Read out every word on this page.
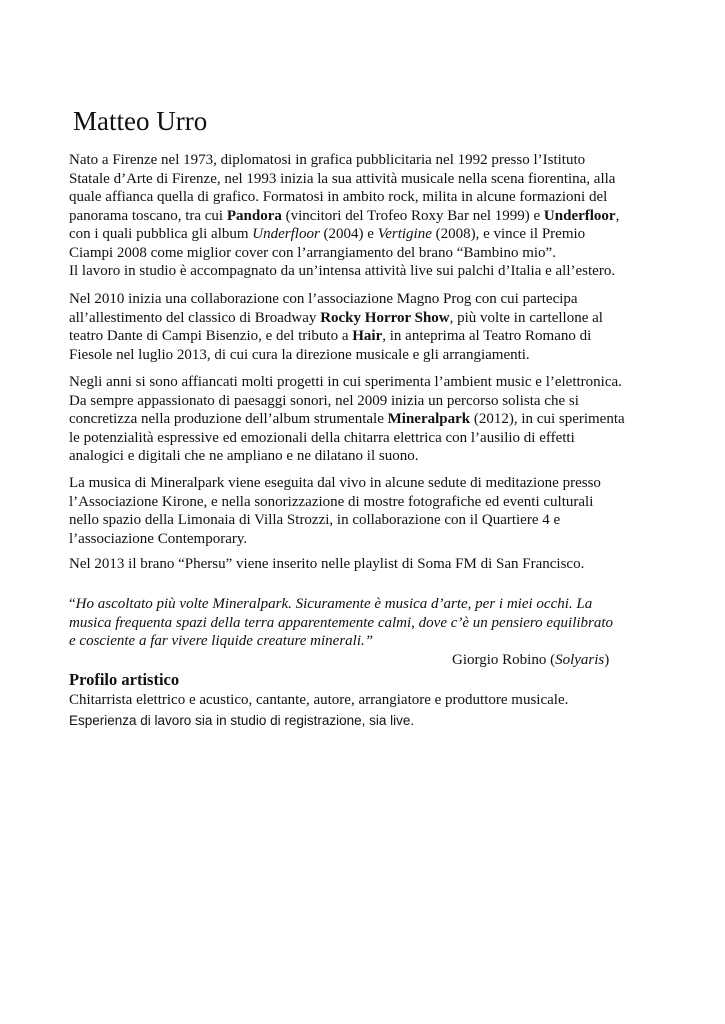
Matteo Urro
Nato a Firenze nel 1973, diplomatosi in grafica pubblicitaria nel 1992 presso l’Istituto
Statale d’Arte di Firenze, nel 1993 inizia la sua attività musicale nella scena fiorentina, alla
quale affianca quella di grafico. Formatosi in ambito rock, milita in alcune formazioni del
panorama toscano, tra cui Pandora (vincitori del Trofeo Roxy Bar nel 1999) e Underfloor,
con i quali pubblica gli album Underfloor (2004) e Vertigine (2008), e vince il Premio
Ciampi 2008 come miglior cover con l’arrangiamento del brano “Bambino mio”.
Il lavoro in studio è accompagnato da un’intensa attività live sui palchi d’Italia e all’estero.
Nel 2010 inizia una collaborazione con l’associazione Magno Prog con cui partecipa
all’allestimento del classico di Broadway Rocky Horror Show, più volte in cartellone al
teatro Dante di Campi Bisenzio, e del tributo a Hair, in anteprima al Teatro Romano di
Fiesole nel luglio 2013, di cui cura la direzione musicale e gli arrangiamenti.
Negli anni si sono affiancati molti progetti in cui sperimenta l’ambient music e l’elettronica.
Da sempre appassionato di paesaggi sonori, nel 2009 inizia un percorso solista che si
concretizza nella produzione dell’album strumentale Mineralpark (2012), in cui sperimenta
le potenzialità espressive ed emozionali della chitarra elettrica con l’ausilio di effetti
analogici e digitali che ne ampliano e ne dilatano il suono.
La musica di Mineralpark viene eseguita dal vivo in alcune sedute di meditazione presso
l’Associazione Kirone, e nella sonorizzazione di mostre fotografiche ed eventi culturali
nello spazio della Limonaia di Villa Strozzi, in collaborazione con il Quartiere 4 e
l’associazione Contemporary.
Nel 2013 il brano “Phersu” viene inserito nelle playlist di Soma FM di San Francisco.
“Ho ascoltato più volte Mineralpark. Sicuramente è musica d’arte, per i miei occhi. La
musica frequenta spazi della terra apparentemente calmi, dove c’è un pensiero equilibrato
e cosciente a far vivere liquide creature minerali.”

Giorgio Robino (Solyaris)

Profilo artistico

Chitarrista elettrico e acustico, cantante, autore, arrangiatore e produttore musicale.

Esperienza di lavoro sia in studio di registrazione, sia live.
